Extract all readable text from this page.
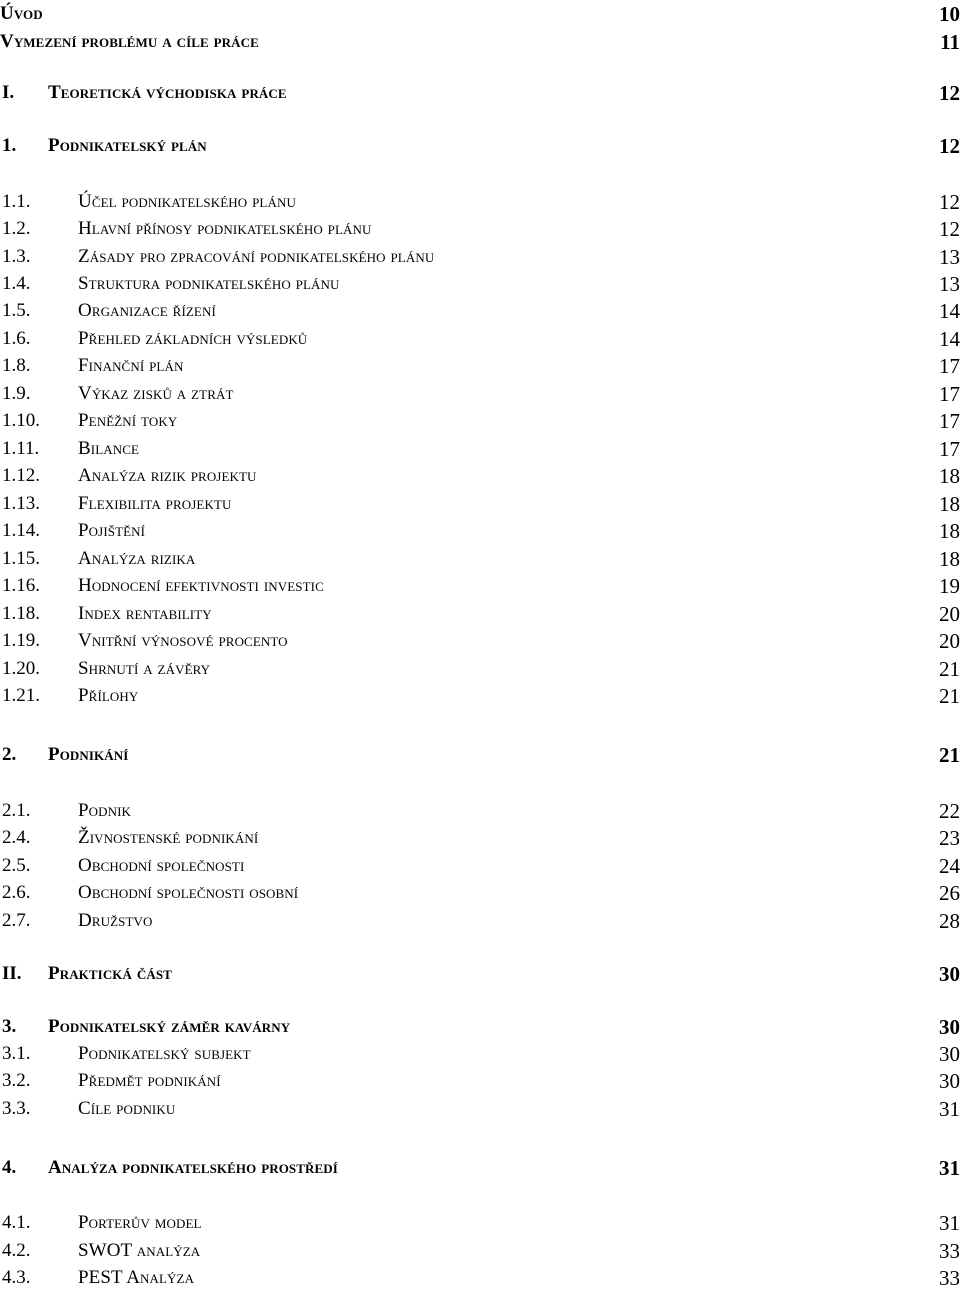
Úvod	10
Vymezení problému a cíle práce	11
I. Teoretická východiska práce	12
1. Podnikatelský plán	12
1.1.	Účel podnikatelského plánu	12
1.2.	Hlavní přínosy podnikatelského plánu	12
1.3.	Zásady pro zpracování podnikatelského plánu	13
1.4.	Struktura podnikatelského plánu	13
1.5.	Organizace řízení	14
1.6.	Přehled základních výsledků	14
1.8.	Finanční plán	17
1.9.	Výkaz zisků a ztrát	17
1.10. Peněžní toky	17
1.11. Bilance	17
1.12. Analýza rizik projektu	18
1.13. Flexibilita projektu	18
1.14. Pojištění	18
1.15. Analýza rizika	18
1.16. Hodnocení efektivnosti investic	19
1.18. Index rentability	20
1.19. Vnitřní výnosové procento	20
1.20. Shrnutí a závěry	21
1.21. Přílohy	21
2. Podnikání	21
2.1.	Podnik	22
2.4.	Živnostenské podnikání	23
2.5.	Obchodní společnosti	24
2.6.	Obchodní společnosti osobní	26
2.7.	Družstvo	28
II. Praktická část	30
3. Podnikatelský záměr kavárny	30
3.1.	Podnikatelský subjekt	30
3.2.	Předmět podnikání	30
3.3.	Cíle podniku	31
4. Analýza podnikatelského prostředí	31
4.1.	Porterův model	31
4.2.	SWOT analýza	33
4.3.	PEST Analýza	33
